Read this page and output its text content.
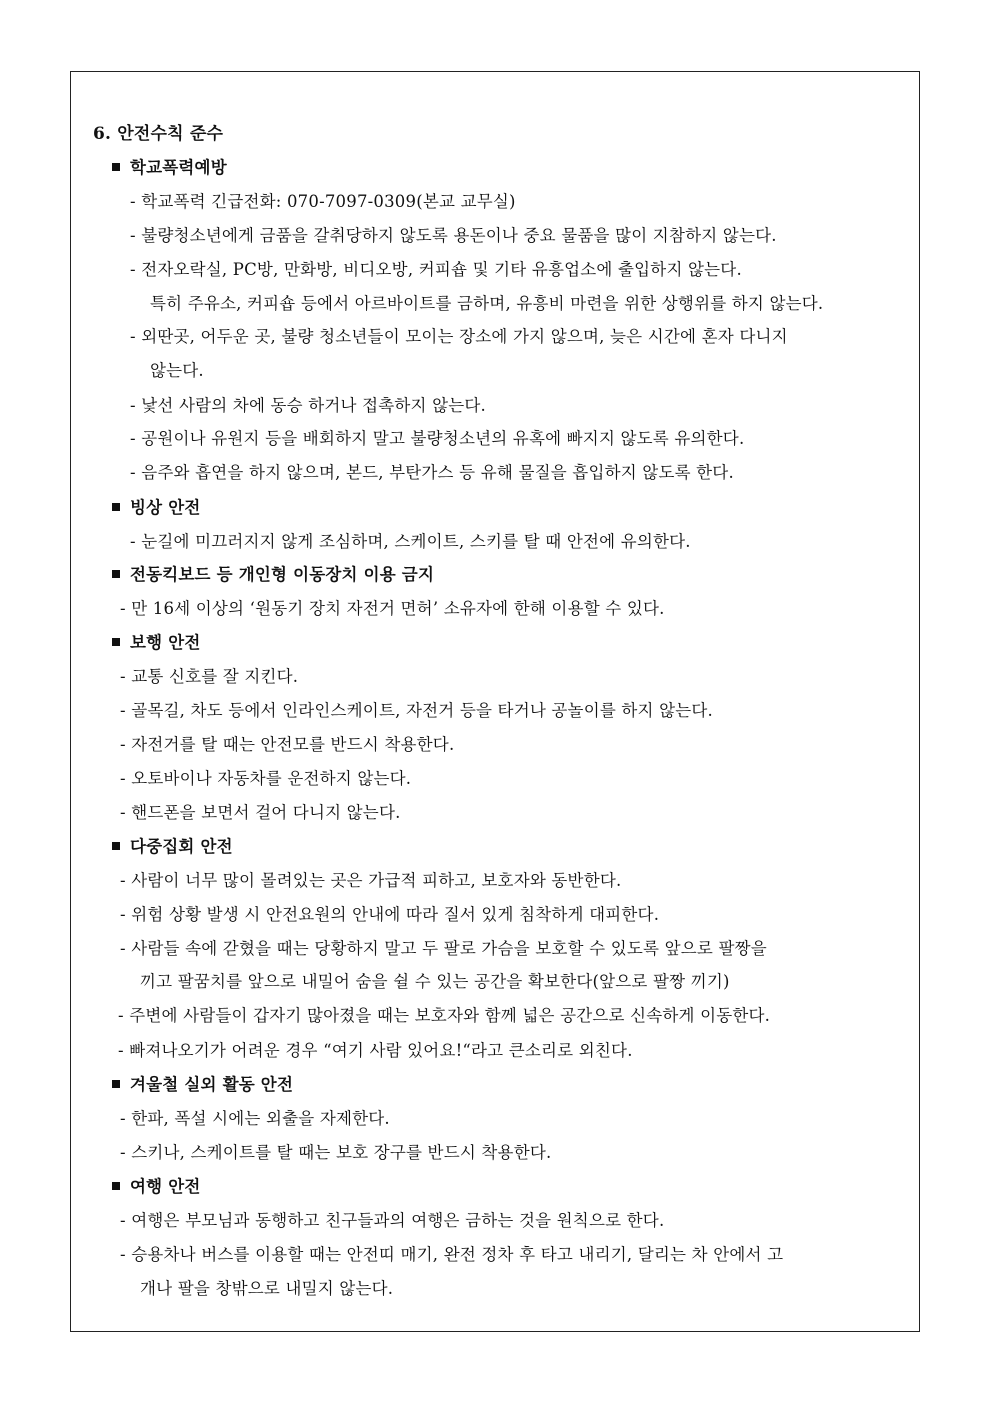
6. 안전수칙 준수
학교폭력예방
- 학교폭력 긴급전화: 070-7097-0309(본교 교무실)
- 불량청소년에게 금품을 갈취당하지 않도록 용돈이나 중요 물품을 많이 지참하지 않는다.
- 전자오락실, PC방, 만화방, 비디오방, 커피숍 및 기타 유흥업소에 출입하지 않는다.
특히 주유소, 커피숍 등에서 아르바이트를 금하며, 유흥비 마련을 위한 상행위를 하지 않는다.
- 외딴곳, 어두운 곳, 불량 청소년들이 모이는 장소에 가지 않으며, 늦은 시간에 혼자 다니지
않는다.
- 낯선 사람의 차에 동승 하거나 접촉하지 않는다.
- 공원이나 유원지 등을 배회하지 말고 불량청소년의 유혹에 빠지지 않도록 유의한다.
- 음주와 흡연을 하지 않으며, 본드, 부탄가스 등 유해 물질을 흡입하지 않도록 한다.
빙상 안전
- 눈길에 미끄러지지 않게 조심하며, 스케이트, 스키를 탈 때 안전에 유의한다.
전동킥보드 등 개인형 이동장치 이용 금지
- 만 16세 이상의 ‘원동기 장치 자전거 면허’ 소유자에 한해 이용할 수 있다.
보행 안전
- 교통 신호를 잘 지킨다.
- 골목길, 차도 등에서 인라인스케이트, 자전거 등을 타거나 공놀이를 하지 않는다.
- 자전거를 탈 때는 안전모를 반드시 착용한다.
- 오토바이나 자동차를 운전하지 않는다.
- 핸드폰을 보면서 걸어 다니지 않는다.
다중집회 안전
- 사람이 너무 많이 몰려있는 곳은 가급적 피하고, 보호자와 동반한다.
- 위험 상황 발생 시 안전요원의 안내에 따라 질서 있게 침착하게 대피한다.
- 사람들 속에 갇혔을 때는 당황하지 말고 두 팔로 가슴을 보호할 수 있도록 앞으로 팔짱을
끼고 팔꿈치를 앞으로 내밀어 숨을 쉴 수 있는 공간을 확보한다(앞으로 팔짱 끼기)
- 주변에 사람들이 갑자기 많아졌을 때는 보호자와 함께 넓은 공간으로 신속하게 이동한다.
- 빠져나오기가 어려운 경우 “여기 사람 있어요!“라고 큰소리로 외친다.
겨울철 실외 활동 안전
- 한파, 폭설 시에는 외출을 자제한다.
- 스키나, 스케이트를 탈 때는 보호 장구를 반드시 착용한다.
여행 안전
- 여행은 부모님과 동행하고 친구들과의 여행은 금하는 것을 원칙으로 한다.
- 승용차나 버스를 이용할 때는 안전띠 매기, 완전 정차 후 타고 내리기, 달리는 차 안에서 고
개나 팔을 창밖으로 내밀지 않는다.
